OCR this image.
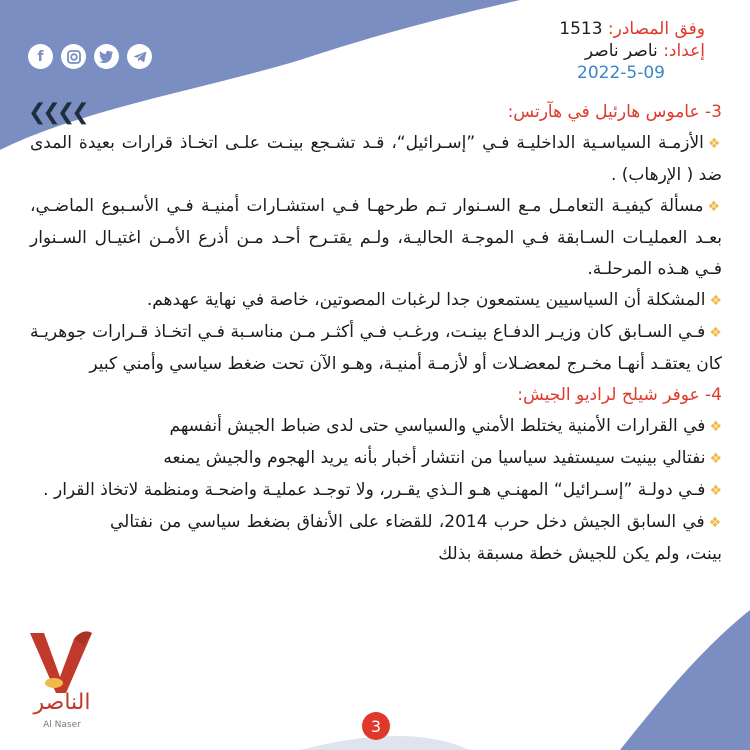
وفق المصادر: 1513
إعداد: ناصر ناصر
2022-5-09
f
3- عاموس هارئيل في هآرتس:
❮❮❮❮

❖الأزمـة السياسـية الداخليـة فـي ”إسـرائيل“، قـد تشـجع بينـت علـى اتخـاذ قرارات بعيدة المدى ضد ( الإرهاب) .

❖مسألة كيفيـة التعامـل مـع السـنوار تـم طرحهـا فـي استشـارات أمنيـة فـي الأسـبوع الماضـي، بعـد العمليـات السـابقة فـي الموجـة الحاليـة، ولـم يقتـرح أحـد مـن أذرع الأمـن اغتيـال السـنوار فـي هـذه المرحلـة.

❖المشكلة أن السياسيين يستمعون جدا لرغبات المصوتين، خاصة في نهاية عهدهم.

❖فـي السـابق كان وزيـر الدفـاع بينـت، ورغـب فـي أكثـر مـن مناسـبة فـي اتخـاذ قـرارات جوهريـة كان يعتقـد أنهـا مخـرج لمعضـلات أو لأزمـة أمنيـة، وهـو الآن تحت ضغط سياسي وأمني كبير

4- عوفر شيلح لراديو الجيش:

❖في القرارات الأمنية يختلط الأمني والسياسي حتى لدى ضباط الجيش أنفسهم

❖نفتالي بينيت سيستفيد سياسيا من انتشار أخبار بأنه يريد الهجوم والجيش يمنعه

❖فـي دولـة ”إسـرائيل“ المهنـي هـو الـذي يقـرر، ولا توجـد عمليـة واضحـة ومنظمة لاتخاذ القرار .

❖في السابق الجيش دخل حرب 2014، للقضاء على الأنفاق بضغط سياسي من نفتالي بينت، ولم يكن للجيش خطة مسبقة بذلك

الناصر
Al Naser	3
